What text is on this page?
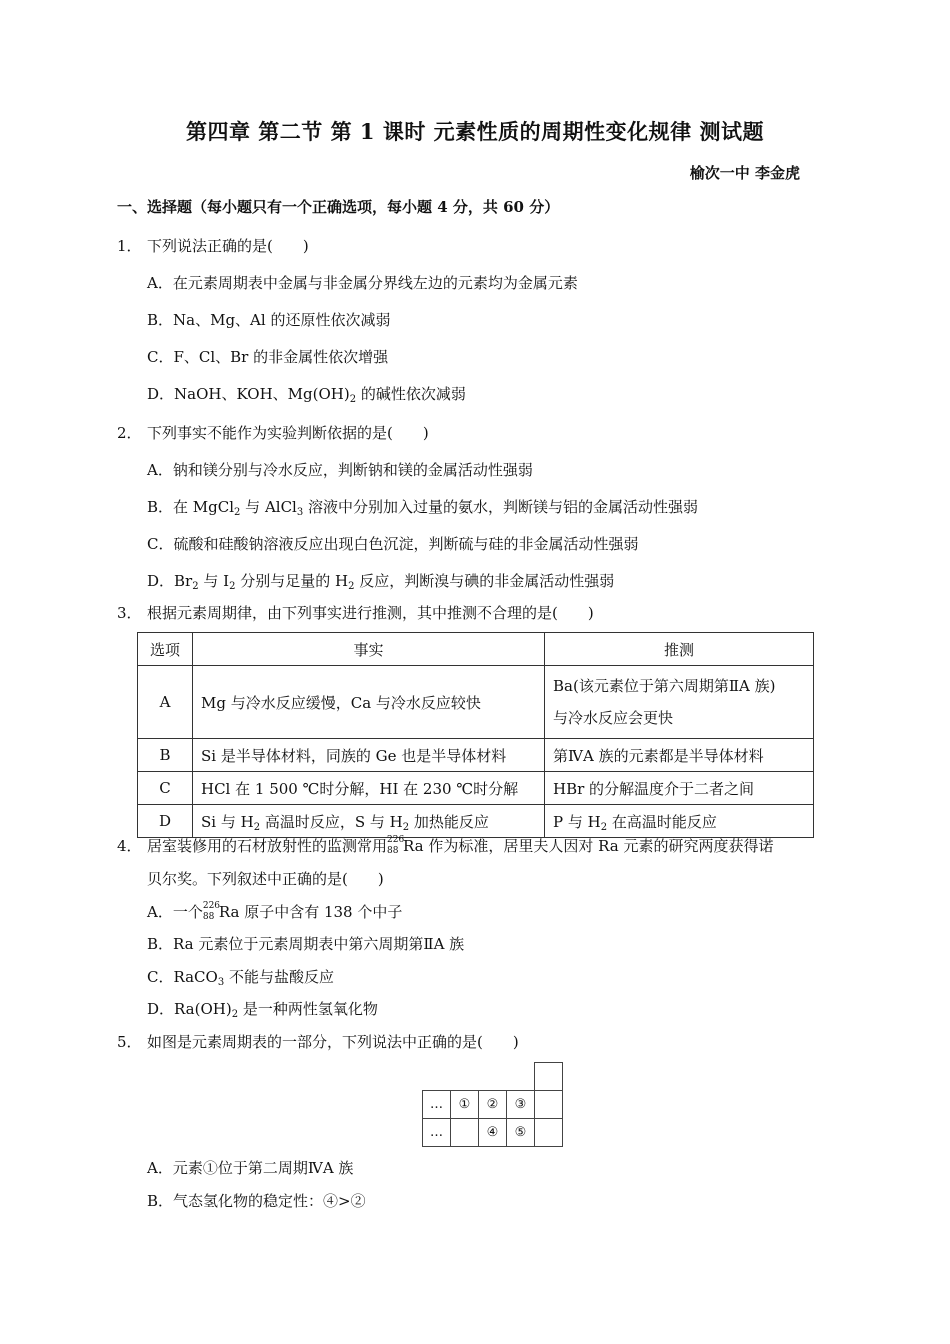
第四章 第二节 第 1 课时 元素性质的周期性变化规律 测试题
榆次一中 李金虎
一、选择题（每小题只有一个正确选项，每小题 4 分，共 60 分）
1． 下列说法正确的是(　　)
A．在元素周期表中金属与非金属分界线左边的元素均为金属元素
B．Na、Mg、Al 的还原性依次减弱
C．F、Cl、Br 的非金属性依次增强
D．NaOH、KOH、$Mg(OH)_2$ 的碱性依次减弱
2． 下列事实不能作为实验判断依据的是(　　)
A．钠和镁分别与冷水反应，判断钠和镁的金属活动性强弱
B．在 MgCl$_2$ 与 AlCl$_3$ 溶液中分别加入过量的氨水，判断镁与铝的金属活动性强弱
C．硫酸和硅酸钠溶液反应出现白色沉淀，判断硫与硅的非金属活动性强弱
D．$Br_2$ 与 $I_2$ 分别与足量的 $H_2$ 反应，判断溴与碘的非金属活动性强弱
3． 根据元素周期律，由下列事实进行推测，其中推测不合理的是(　　)
选项	事实	推测
A	Mg 与冷水反应缓慢，Ca 与冷水反应较快	Ba(该元素位于第六周期第ⅡA 族)
与冷水反应会更快

B	Si 是半导体材料，同族的 Ge 也是半导体材料	第ⅣA 族的元素都是半导体材料
C	HCl 在 1 500 ℃时分解，HI 在 230 ℃时分解	HBr 的分解温度介于二者之间
D	Si 与 $H_2$ 高温时反应，S 与 $H_2$ 加热能反应	P 与 $H_2$ 在高温时能反应
4． 居室装修用的石材放射性的监测常用 226
88 Ra 作为标准，居里夫人因对 Ra 元素的研究两度获得诺
贝尔奖。下列叙述中正确的是(　　)
A．一个 226
88 Ra 原子中含有 138 个中子
B．Ra 元素位于元素周期表中第六周期第ⅡA 族
C．RaCO$_3$ 不能与盐酸反应
D．$Ra(OH)_2$ 是一种两性氢氧化物
5． 如图是元素周期表的一部分，下列说法中正确的是(　　)

…	①	②	③	
…		④	⑤	
A．元素①位于第二周期ⅣA 族
B．气态氢化物的稳定性：④>②
